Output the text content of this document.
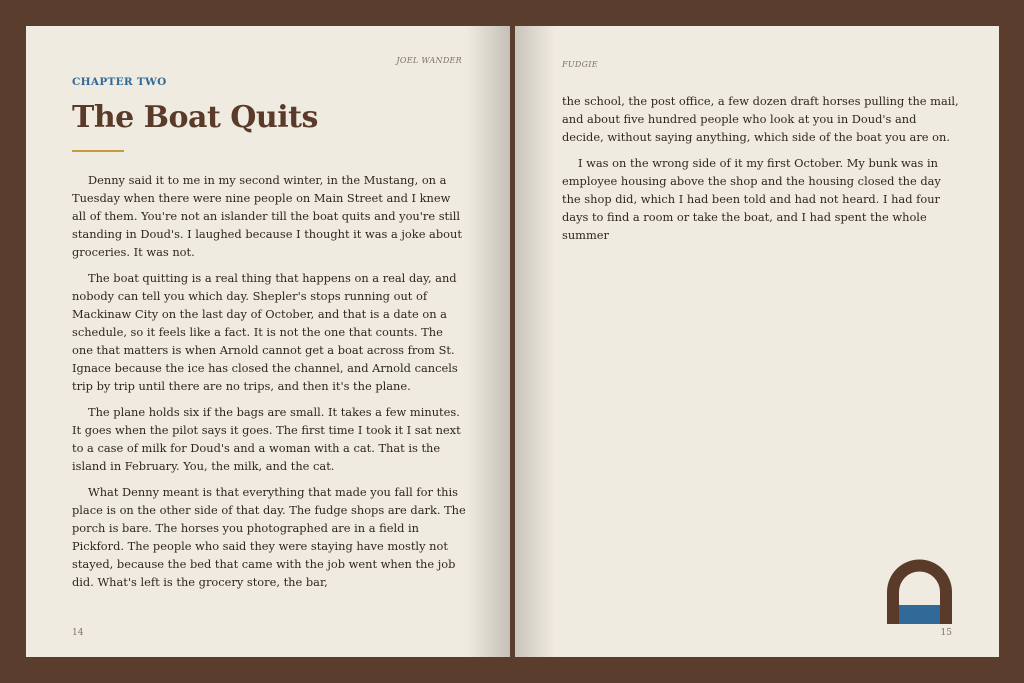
JOEL WANDER
CHAPTER TWO
The Boat Quits

Denny said it to me in my second winter, in the Mustang, on a Tuesday when there were nine people on Main Street and I knew all of them. You're not an islander till the boat quits and you're still standing in Doud's. I laughed because I thought it was a joke about groceries. It was not.

The boat quitting is a real thing that happens on a real day, and nobody can tell you which day. Shepler's stops running out of Mackinaw City on the last day of October, and that is a date on a schedule, so it feels like a fact. It is not the one that counts. The one that matters is when Arnold cannot get a boat across from St. Ignace because the ice has closed the channel, and Arnold cancels trip by trip until there are no trips, and then it's the plane.

The plane holds six if the bags are small. It takes a few minutes. It goes when the pilot says it goes. The first time I took it I sat next to a case of milk for Doud's and a woman with a cat. That is the island in February. You, the milk, and the cat.

What Denny meant is that everything that made you fall for this place is on the other side of that day. The fudge shops are dark. The porch is bare. The horses you photographed are in a field in Pickford. The people who said they were staying have mostly not stayed, because the bed that came with the job went when the job did. What's left is the grocery store, the bar,

14
FUDGIE

the school, the post office, a few dozen draft horses pulling the mail, and about five hundred people who look at you in Doud's and decide, without saying anything, which side of the boat you are on.

I was on the wrong side of it my first October. My bunk was in employee housing above the shop and the housing closed the day the shop did, which I had been told and had not heard. I had four days to find a room or take the boat, and I had spent the whole summer

15
